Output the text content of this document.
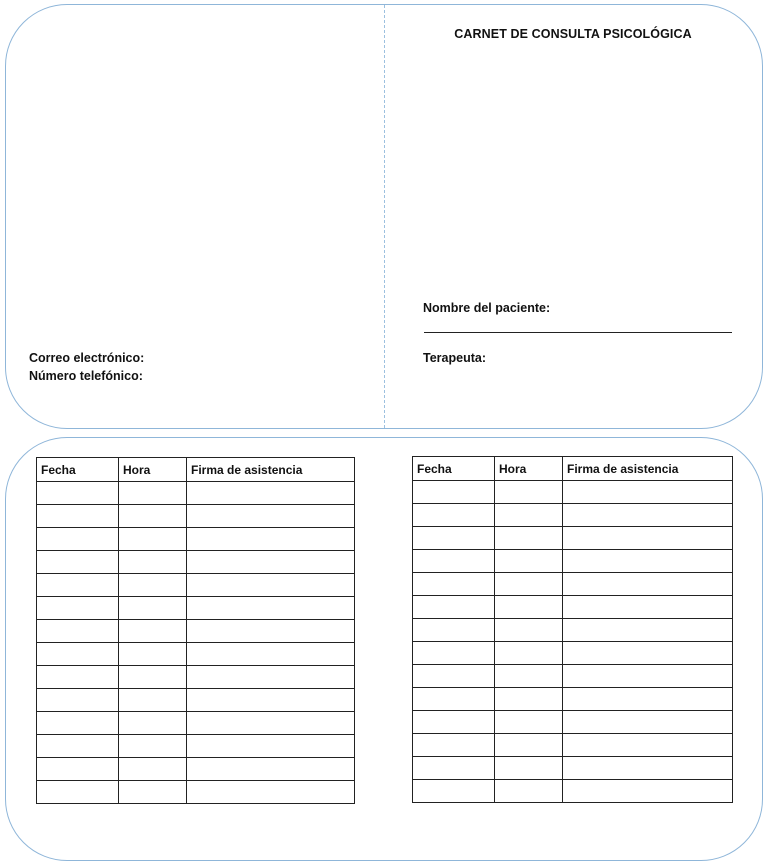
CARNET DE CONSULTA PSICOLÓGICA
Nombre del paciente:
Terapeuta:
Correo electrónico:
Número telefónico:
Fecha	Hora	Firma de asistencia

			Fecha	Hora	Firma de asistencia
